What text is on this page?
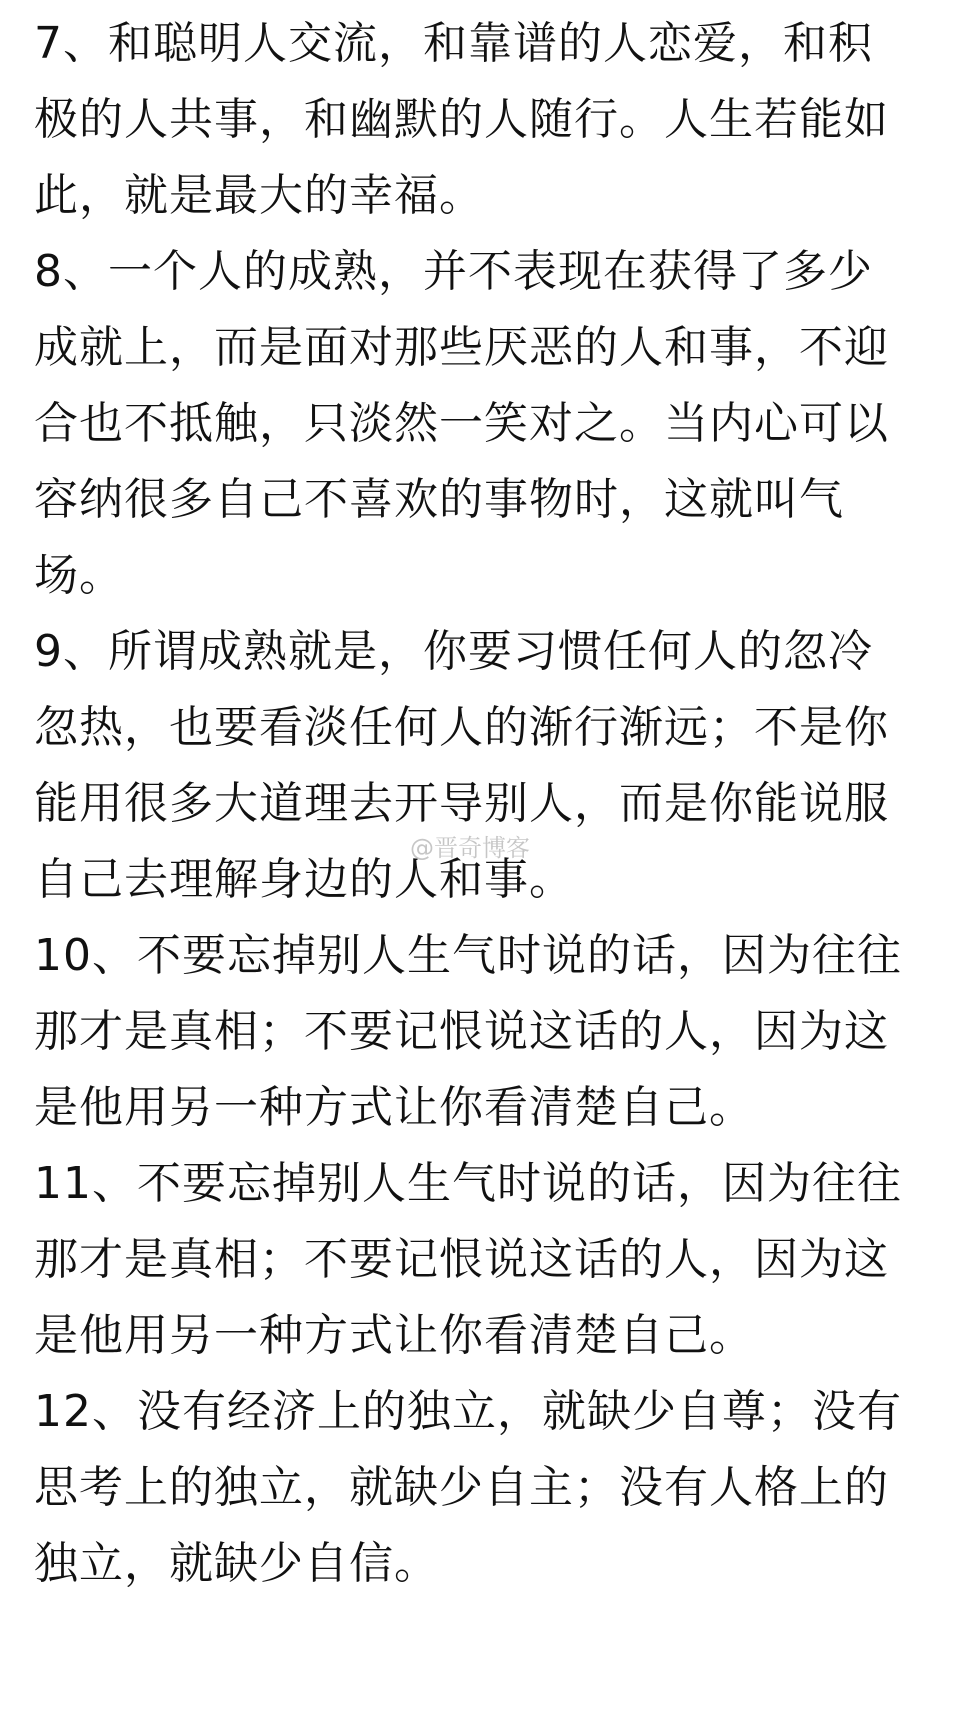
7、和聪明人交流，和靠谱的人恋爱，和积
极的人共事，和幽默的人随行。人生若能如
此，就是最大的幸福。
8、一个人的成熟，并不表现在获得了多少
成就上，而是面对那些厌恶的人和事，不迎
合也不抵触，只淡然一笑对之。当内心可以
容纳很多自己不喜欢的事物时，这就叫气
场。
9、所谓成熟就是，你要习惯任何人的忽冷
忽热，也要看淡任何人的渐行渐远；不是你
能用很多大道理去开导别人，而是你能说服
自己去理解身边的人和事。
10、不要忘掉别人生气时说的话，因为往往
那才是真相；不要记恨说这话的人，因为这
是他用另一种方式让你看清楚自己。
11、不要忘掉别人生气时说的话，因为往往
那才是真相；不要记恨说这话的人，因为这
是他用另一种方式让你看清楚自己。
12、没有经济上的独立，就缺少自尊；没有
思考上的独立，就缺少自主；没有人格上的
独立，就缺少自信。
@晋奇博客
